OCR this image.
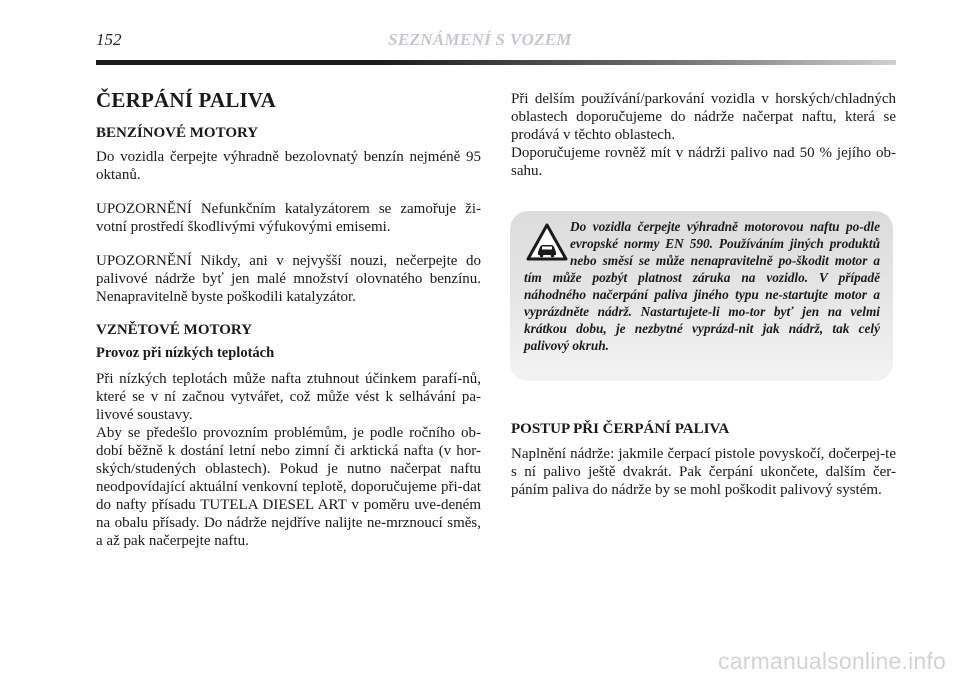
152	SEZNÁMENÍ S VOZEM
ČERPÁNÍ PALIVA
BENZÍNOVÉ MOTORY

Do vozidla čerpejte výhradně bezolovnatý benzín nejméně 95 oktanů.

UPOZORNĚNÍ Nefunkčním katalyzátorem se zamořuje ži-votní prostředí škodlivými výfukovými emisemi.

UPOZORNĚNÍ Nikdy, ani v nejvyšší nouzi, nečerpejte do palivové nádrže byť jen malé množství olovnatého benzínu. Nenapravitelně byste poškodili katalyzátor.

VZNĚTOVÉ MOTORY
Provoz při nízkých teplotách

Při nízkých teplotách může nafta ztuhnout účinkem parafí-nů, které se v ní začnou vytvářet, což může vést k selhávání pa-livové soustavy.

Aby se předešlo provozním problémům, je podle ročního ob-dobí běžně k dostání letní nebo zimní či arktická nafta (v hor-ských/studených oblastech). Pokud je nutno načerpat naftu neodpovídající aktuální venkovní teplotě, doporučujeme při-dat do nafty přísadu TUTELA DIESEL ART v poměru uve-deném na obalu přísady. Do nádrže nejdříve nalijte ne-mrznoucí směs, a až pak načerpejte naftu.

Při delším používání/parkování vozidla v horských/chladných oblastech doporučujeme do nádrže načerpat naftu, která se prodává v těchto oblastech.

Doporučujeme rovněž mít v nádrži palivo nad 50 % jejího ob-sahu.

Do vozidla čerpejte výhradně motorovou naftu po-dle evropské normy EN 590. Používáním jiných produktů nebo směsí se může nenapravitelně po-škodit motor a tím může pozbýt platnost záruka na vozidlo. V případě náhodného načerpání paliva jiného typu ne-startujte motor a vyprázdněte nádrž. Nastartujete-li mo-tor byť jen na velmi krátkou dobu, je nezbytné vyprázd-nit jak nádrž, tak celý palivový okruh.
POSTUP PŘI ČERPÁNÍ PALIVA

Naplnění nádrže: jakmile čerpací pistole povyskočí, dočerpej-te s ní palivo ještě dvakrát. Pak čerpání ukončete, dalším čer-páním paliva do nádrže by se mohl poškodit palivový systém.

carmanualsonline.info
